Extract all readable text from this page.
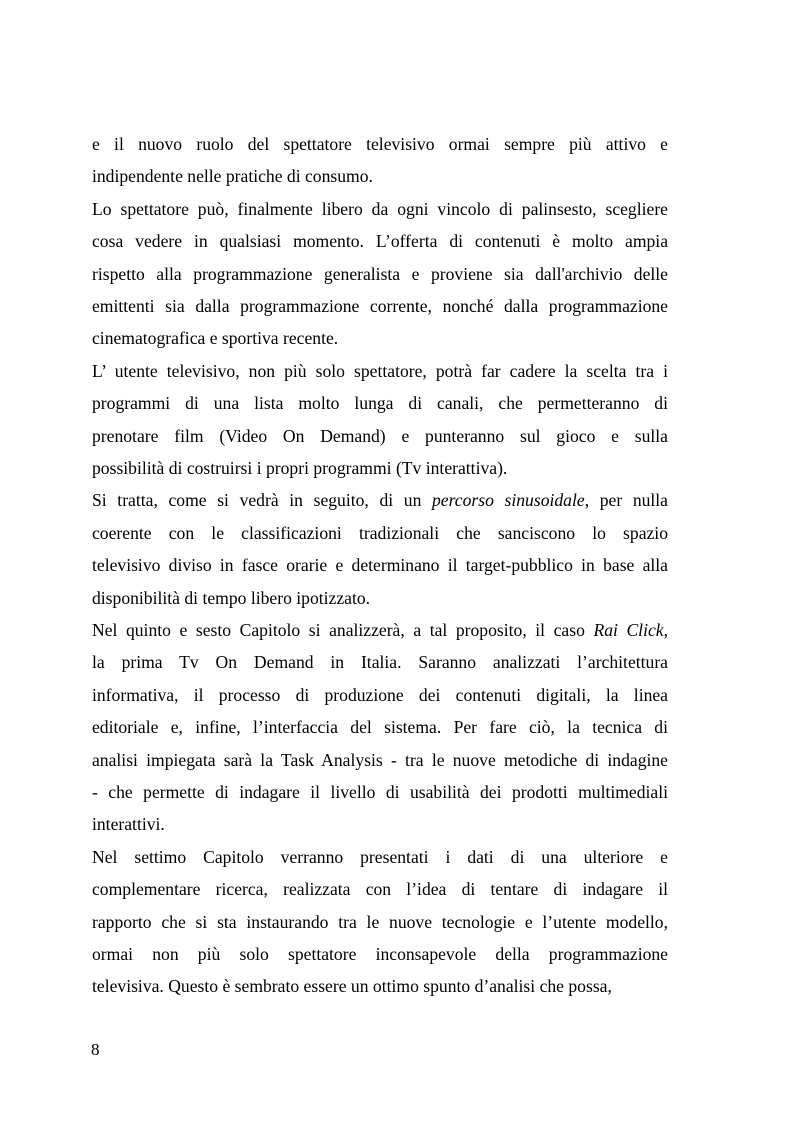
e il nuovo ruolo del spettatore televisivo ormai sempre più attivo e
indipendente nelle pratiche di consumo.
Lo spettatore può, finalmente libero da ogni vincolo di palinsesto, scegliere
cosa vedere in qualsiasi momento. L’offerta di contenuti è molto ampia
rispetto alla programmazione generalista e proviene sia dall'archivio delle
emittenti sia dalla programmazione corrente, nonché dalla programmazione
cinematografica e sportiva recente.
L’ utente televisivo, non più solo spettatore, potrà far cadere la scelta tra i
programmi di una lista molto lunga di canali, che permetteranno di
prenotare film (Video On Demand) e punteranno sul gioco e sulla
possibilità di costruirsi i propri programmi (Tv interattiva).
Si tratta, come si vedrà in seguito, di un percorso sinusoidale, per nulla
coerente con le classificazioni tradizionali che sanciscono lo spazio
televisivo diviso in fasce orarie e determinano il target-pubblico in base alla
disponibilità di tempo libero ipotizzato.
Nel quinto e sesto Capitolo si analizzerà, a tal proposito, il caso Rai Click,
la prima Tv On Demand in Italia. Saranno analizzati l’architettura
informativa, il processo di produzione dei contenuti digitali, la linea
editoriale e, infine, l’interfaccia del sistema. Per fare ciò, la tecnica di
analisi impiegata sarà la Task Analysis - tra le nuove metodiche di indagine
- che permette di indagare il livello di usabilità dei prodotti multimediali
interattivi.
Nel settimo Capitolo verranno presentati i dati di una ulteriore e
complementare ricerca, realizzata con l’idea di tentare di indagare il
rapporto che si sta instaurando tra le nuove tecnologie e l’utente modello,
ormai non più solo spettatore inconsapevole della programmazione
televisiva. Questo è sembrato essere un ottimo spunto d’analisi che possa,
8
